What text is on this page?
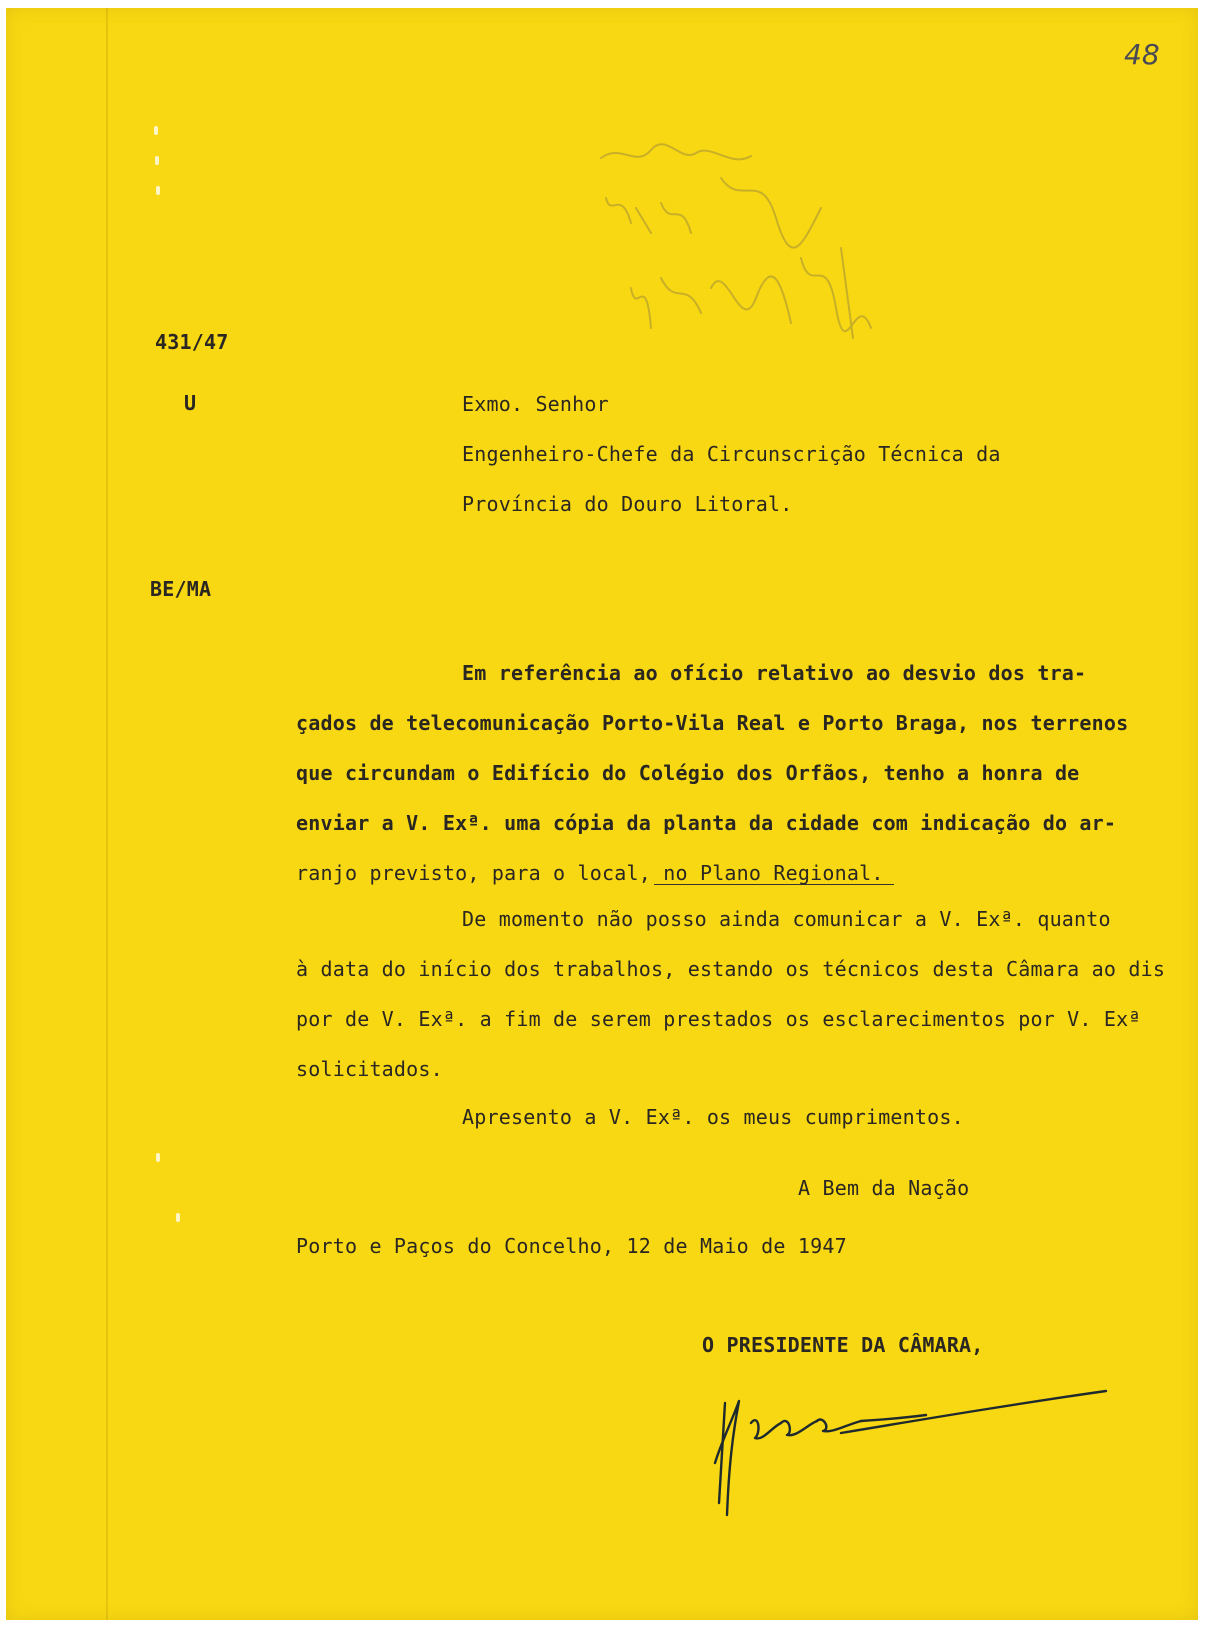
48
431/47
U
BE/MA
Exmo. Senhor
Engenheiro-Chefe da Circunscrição Técnica da
Província do Douro Litoral.
Em referência ao ofício relativo ao desvio dos tra-
çados de telecomunicação Porto-Vila Real e Porto Braga, nos terrenos
que circundam o Edifício do Colégio dos Orfãos, tenho a honra de
enviar a V. Exª. uma cópia da planta da cidade com indicação do ar-
ranjo previsto, para o local, no Plano Regional.
De momento não posso ainda comunicar a V. Exª. quanto
à data do início dos trabalhos, estando os técnicos desta Câmara ao dis
por de V. Exª. a fim de serem prestados os esclarecimentos por V. Exª
solicitados.
Apresento a V. Exª. os meus cumprimentos.
A Bem da Nação
Porto e Paços do Concelho, 12 de Maio de 1947
O PRESIDENTE DA CÂMARA,
